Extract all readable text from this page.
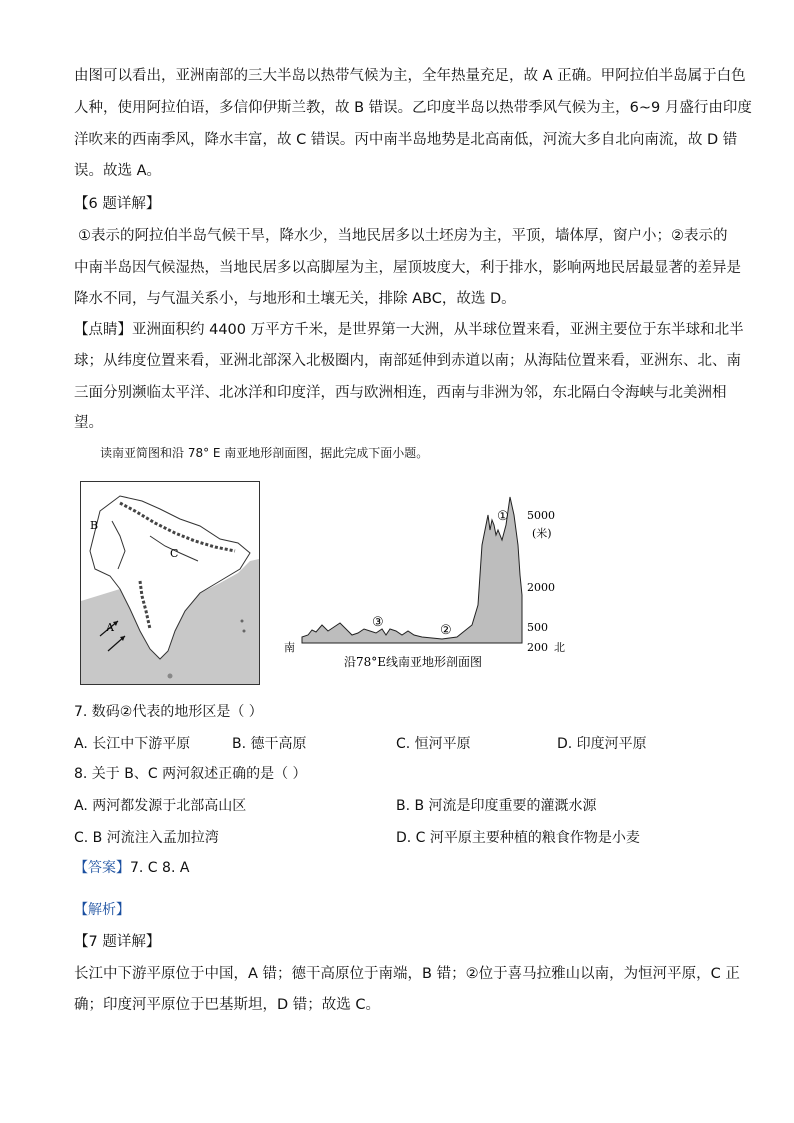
由图可以看出，亚洲南部的三大半岛以热带气候为主，全年热量充足，故 A 正确。甲阿拉伯半岛属于白色
人种，使用阿拉伯语，多信仰伊斯兰教，故 B 错误。乙印度半岛以热带季风气候为主，6~9 月盛行由印度
洋吹来的西南季风，降水丰富，故 C 错误。丙中南半岛地势是北高南低，河流大多自北向南流，故 D 错
误。故选 A。
【6 题详解】
①表示的阿拉伯半岛气候干旱，降水少，当地民居多以土坯房为主，平顶，墙体厚，窗户小；②表示的
中南半岛因气候湿热，当地民居多以高脚屋为主，屋顶坡度大，利于排水，影响两地民居最显著的差异是
降水不同，与气温关系小，与地形和土壤无关，排除 ABC，故选 D。
【点睛】亚洲面积约 4400 万平方千米，是世界第一大洲，从半球位置来看，亚洲主要位于东半球和北半
球；从纬度位置来看，亚洲北部深入北极圈内，南部延伸到赤道以南；从海陆位置来看，亚洲东、北、南
三面分别濒临太平洋、北冰洋和印度洋，西与欧洲相连，西南与非洲为邻，东北隔白令海峡与北美洲相
望。
读南亚简图和沿 78° E 南亚地形剖面图，据此完成下面小题。
B
C
A
①
②
③
5000
(米)
2000
500
200 北
南
沿78°E线南亚地形剖面图
7. 数码②代表的地形区是（ ）
A. 长江中下游平原	B. 德干高原	C. 恒河平原	D. 印度河平原
8. 关于 B、C 两河叙述正确的是（ ）
A. 两河都发源于北部高山区	B. B 河流是印度重要的灌溉水源
C. B 河流注入孟加拉湾	D. C 河平原主要种植的粮食作物是小麦
【答案】7. C 8. A
【解析】
【7 题详解】
长江中下游平原位于中国，A 错；德干高原位于南端，B 错；②位于喜马拉雅山以南，为恒河平原，C 正
确；印度河平原位于巴基斯坦，D 错；故选 C。
